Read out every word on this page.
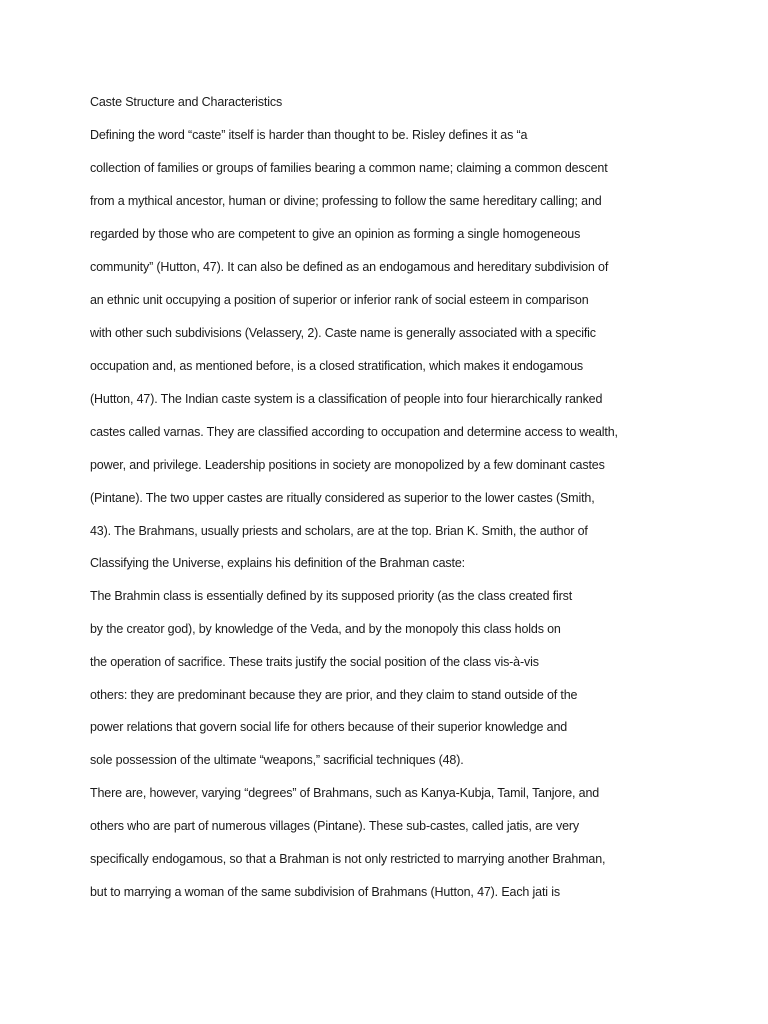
Caste Structure and Characteristics
Defining the word “caste” itself is harder than thought to be. Risley defines it as “a
collection of families or groups of families bearing a common name; claiming a common descent
from a mythical ancestor, human or divine; professing to follow the same hereditary calling; and
regarded by those who are competent to give an opinion as forming a single homogeneous
community” (Hutton, 47). It can also be defined as an endogamous and hereditary subdivision of
an ethnic unit occupying a position of superior or inferior rank of social esteem in comparison
with other such subdivisions (Velassery, 2). Caste name is generally associated with a specific
occupation and, as mentioned before, is a closed stratification, which makes it endogamous
(Hutton, 47). The Indian caste system is a classification of people into four hierarchically ranked
castes called varnas. They are classified according to occupation and determine access to wealth,
power, and privilege. Leadership positions in society are monopolized by a few dominant castes
(Pintane). The two upper castes are ritually considered as superior to the lower castes (Smith,
43). The Brahmans, usually priests and scholars, are at the top. Brian K. Smith, the author of
Classifying the Universe, explains his definition of the Brahman caste:
The Brahmin class is essentially defined by its supposed priority (as the class created first
by the creator god), by knowledge of the Veda, and by the monopoly this class holds on
the operation of sacrifice. These traits justify the social position of the class vis-à-vis
others: they are predominant because they are prior, and they claim to stand outside of the
power relations that govern social life for others because of their superior knowledge and
sole possession of the ultimate “weapons,” sacrificial techniques (48).
There are, however, varying “degrees” of Brahmans, such as Kanya-Kubja, Tamil, Tanjore, and
others who are part of numerous villages (Pintane). These sub-castes, called jatis, are very
specifically endogamous, so that a Brahman is not only restricted to marrying another Brahman,
but to marrying a woman of the same subdivision of Brahmans (Hutton, 47). Each jati is
